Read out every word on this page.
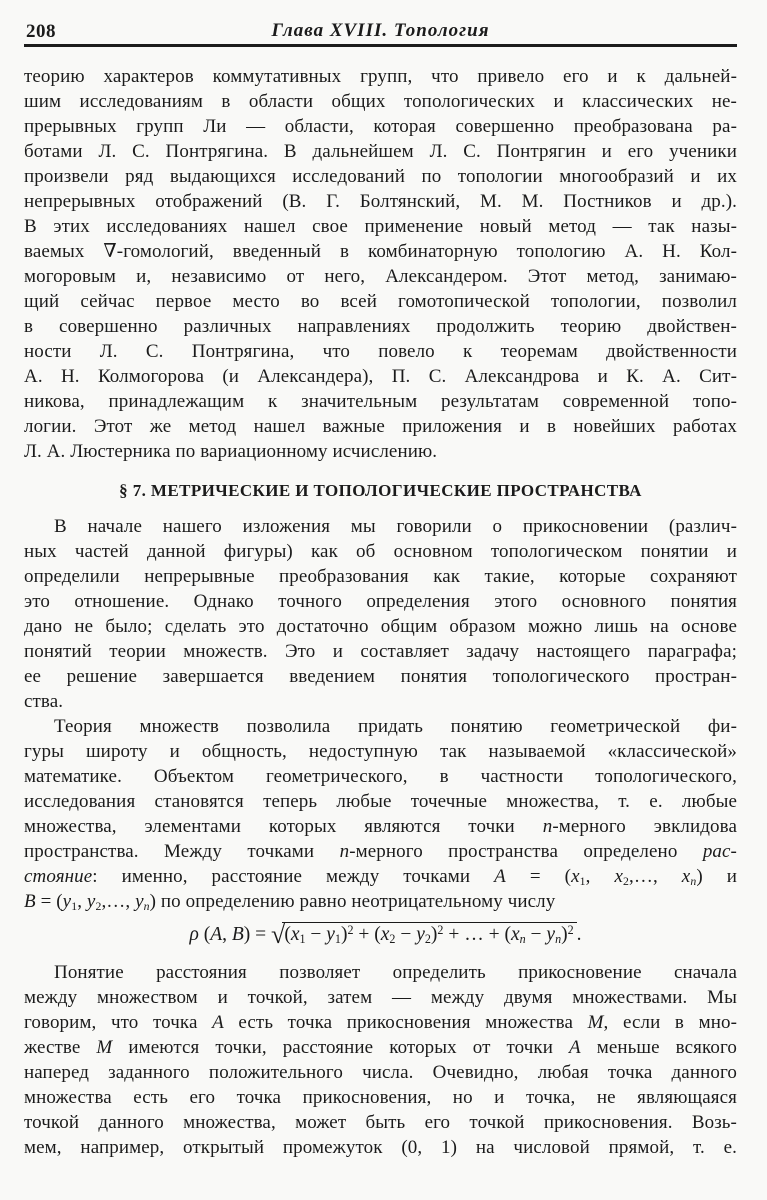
208	Глава XVIII. Топология
теорию характеров коммутативных групп, что привело его и к дальней-
шим исследованиям в области общих топологических и классических не-
прерывных групп Ли — области, которая совершенно преобразована ра-
ботами Л. С. Понтрягина. В дальнейшем Л. С. Понтрягин и его ученики
произвели ряд выдающихся исследований по топологии многообразий и их
непрерывных отображений (В. Г. Болтянский, М. М. Постников и др.).
В этих исследованиях нашел свое применение новый метод — так назы-
ваемых ∇-гомологий, введенный в комбинаторную топологию А. Н. Кол-
могоровым и, независимо от него, Александером. Этот метод, занимаю-
щий сейчас первое место во всей гомотопической топологии, позволил
в совершенно различных направлениях продолжить теорию двойствен-
ности Л. С. Понтрягина, что повело к теоремам двойственности
А. Н. Колмогорова (и Александера), П. С. Александрова и К. А. Сит-
никова, принадлежащим к значительным результатам современной топо-
логии. Этот же метод нашел важные приложения и в новейших работах
Л. А. Люстерника по вариационному исчислению.
§ 7. МЕТРИЧЕСКИЕ И ТОПОЛОГИЧЕСКИЕ ПРОСТРАНСТВА
В начале нашего изложения мы говорили о прикосновении (различ-
ных частей данной фигуры) как об основном топологическом понятии и
определили непрерывные преобразования как такие, которые сохраняют
это отношение. Однако точного определения этого основного понятия
дано не было; сделать это достаточно общим образом можно лишь на основе
понятий теории множеств. Это и составляет задачу настоящего параграфа;
ее решение завершается введением понятия топологического простран-
ства.
Теория множеств позволила придать понятию геометрической фи-
гуры широту и общность, недоступную так называемой «классической»
математике. Объектом геометрического, в частности топологического,
исследования становятся теперь любые точечные множества, т. е. любые
множества, элементами которых являются точки n-мерного эвклидова
пространства. Между точками n-мерного пространства определено рас-
стояние: именно, расстояние между точками $A = (x_1$, $x_2,\dots$, $x_n$) и
$B = (y_1$, $y_2,\dots$, $y_n$) по определению равно неотрицательному числу
ρ (A, $B) = √(x_1 - y_1)^2 + (x_2 - y_2)^2$ + … + $(x_n - y_n)^2$ .
Понятие расстояния позволяет определить прикосновение сначала
между множеством и точкой, затем — между двумя множествами. Мы
говорим, что точка A есть точка прикосновения множества M, если в мно-
жестве M имеются точки, расстояние которых от точки A меньше всякого
наперед заданного положительного числа. Очевидно, любая точка данного
множества есть его точка прикосновения, но и точка, не являющаяся
точкой данного множества, может быть его точкой прикосновения. Возь-
мем, например, открытый промежуток (0, 1) на числовой прямой, т. е.
